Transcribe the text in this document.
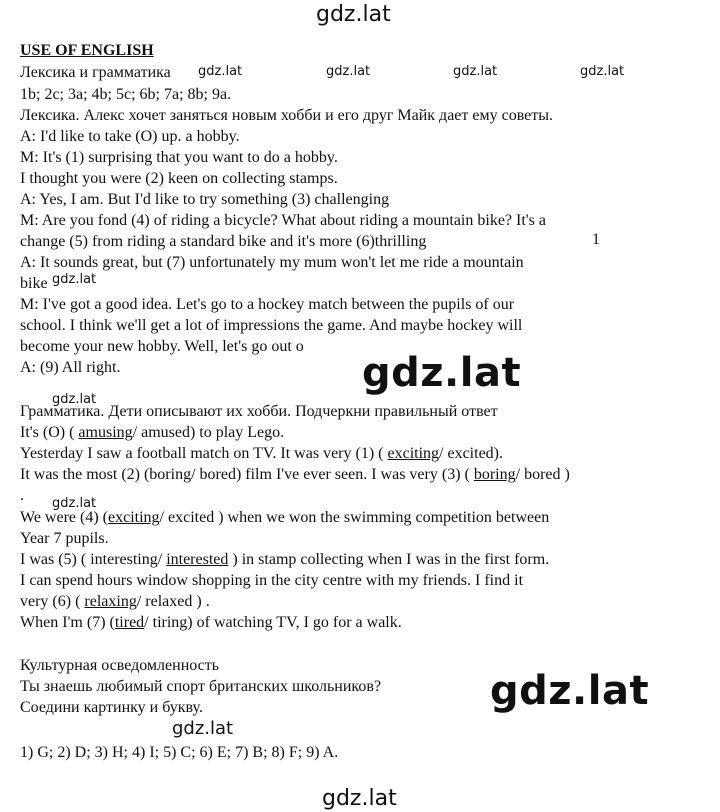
gdz.lat
USE OF ENGLISH
Лексика и грамматика	gdz.lat	gdz.lat	gdz.lat	gdz.lat
1b; 2c; 3a; 4b; 5c; 6b; 7a; 8b; 9a.
Лексика. Алекс хочет заняться новым хобби и его друг Майк дает ему советы.
A: I'd like to take (O) up. a hobby.
M: It's (1) surprising that you want to do a hobby.
I thought you were (2) keen on collecting stamps.
A: Yes, I am. But I'd like to try something (3) challenging
M: Are you fond (4) of riding a bicycle? What about riding a mountain bike? It's a
change (5) from riding a standard bike and it's more (6)thrilling	1
A: It sounds great, but (7) unfortunately my mum won't let me ride a mountain
bike gdz.lat
M: I've got a good idea. Let's go to a hockey match between the pupils of our
school. I think we'll get a lot of impressions the game. And maybe hockey will
become your new hobby. Well, let's go out o
A: (9) All right.	gdz.lat
gdz.lat
Грамматика. Дети описывают их хобби. Подчеркни правильный ответ
It's (O) ( amusing/ amused) to play Lego.
Yesterday I saw a football match on TV. It was very (1) ( exciting/ excited).
It was the most (2) (boring/ bored) film I've ever seen. I was very (3) ( boring/ bored )
.	gdz.lat
We were (4) (exciting/ excited ) when we won the swimming competition between
Year 7 pupils.
I was (5) ( interesting/ interested ) in stamp collecting when I was in the first form.
I can spend hours window shopping in the city centre with my friends. I find it
very (6) ( relaxing/ relaxed ) .
When I'm (7) (tired/ tiring) of watching TV, I go for a walk.
Культурная осведомленность
Ты знаешь любимый спорт британских школьников?
Соедини картинку и букву.	gdz.lat
gdz.lat
1) G; 2) D; 3) H; 4) I; 5) C; 6) E; 7) B; 8) F; 9) A.
gdz.lat
